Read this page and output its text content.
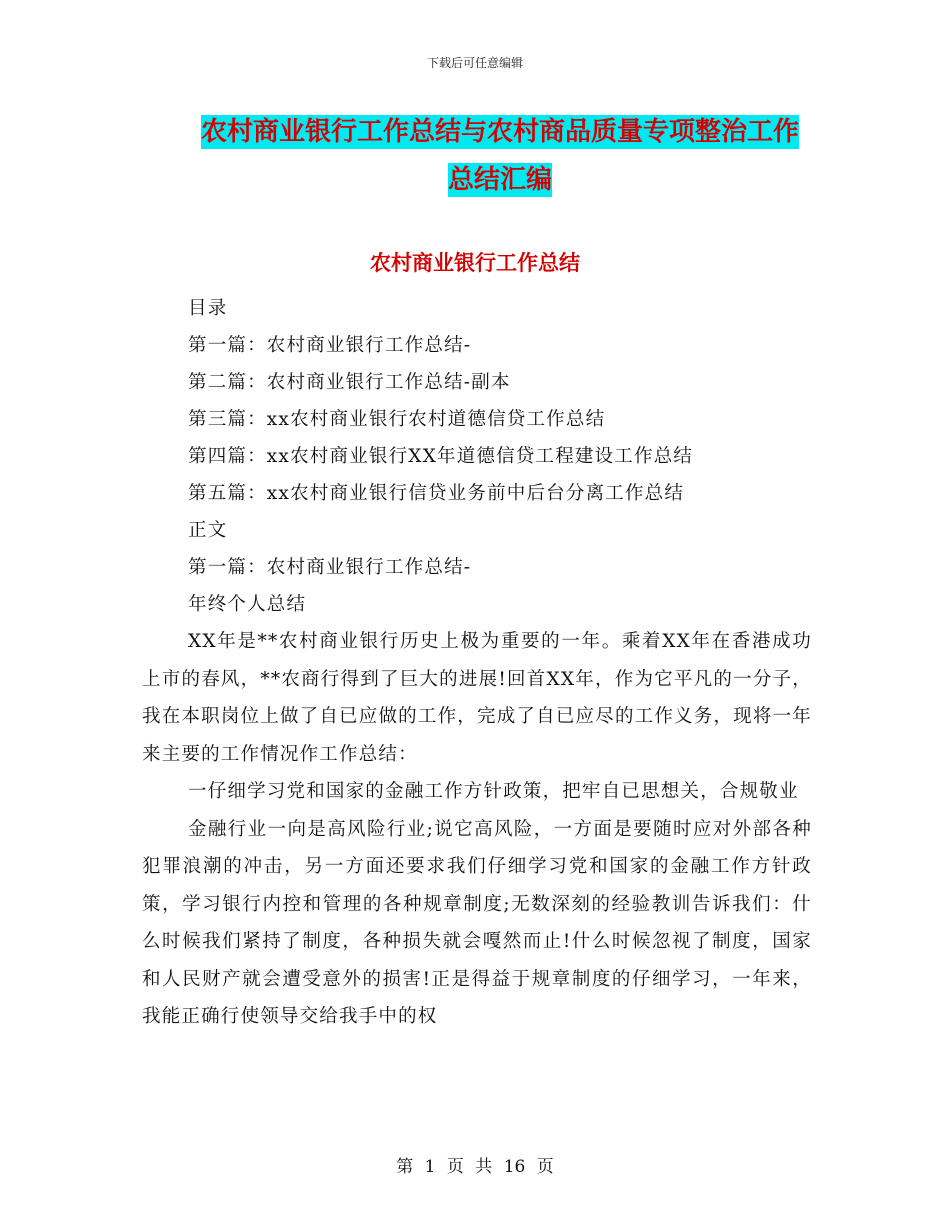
下载后可任意编辑
农村商业银行工作总结与农村商品质量专项整治工作
总结汇编
农村商业银行工作总结
目录
第一篇：农村商业银行工作总结-
第二篇：农村商业银行工作总结-副本
第三篇：xx农村商业银行农村道德信贷工作总结
第四篇：xx农村商业银行XX年道德信贷工程建设工作总结
第五篇：xx农村商业银行信贷业务前中后台分离工作总结
正文
第一篇：农村商业银行工作总结-
年终个人总结

XX年是**农村商业银行历史上极为重要的一年。乘着XX年在香港成功上市的春风，**农商行得到了巨大的进展!回首XX年，作为它平凡的一分子，我在本职岗位上做了自已应做的工作，完成了自已应尽的工作义务，现将一年来主要的工作情况作工作总结：

一仔细学习党和国家的金融工作方针政策，把牢自已思想关，合规敬业

金融行业一向是高风险行业;说它高风险，一方面是要随时应对外部各种犯罪浪潮的冲击，另一方面还要求我们仔细学习党和国家的金融工作方针政策，学习银行内控和管理的各种规章制度;无数深刻的经验教训告诉我们：什么时候我们紧持了制度，各种损失就会嘎然而止!什么时候忽视了制度，国家和人民财产就会遭受意外的损害!正是得益于规章制度的仔细学习，一年来，我能正确行使领导交给我手中的权

第 1 页 共 16 页
